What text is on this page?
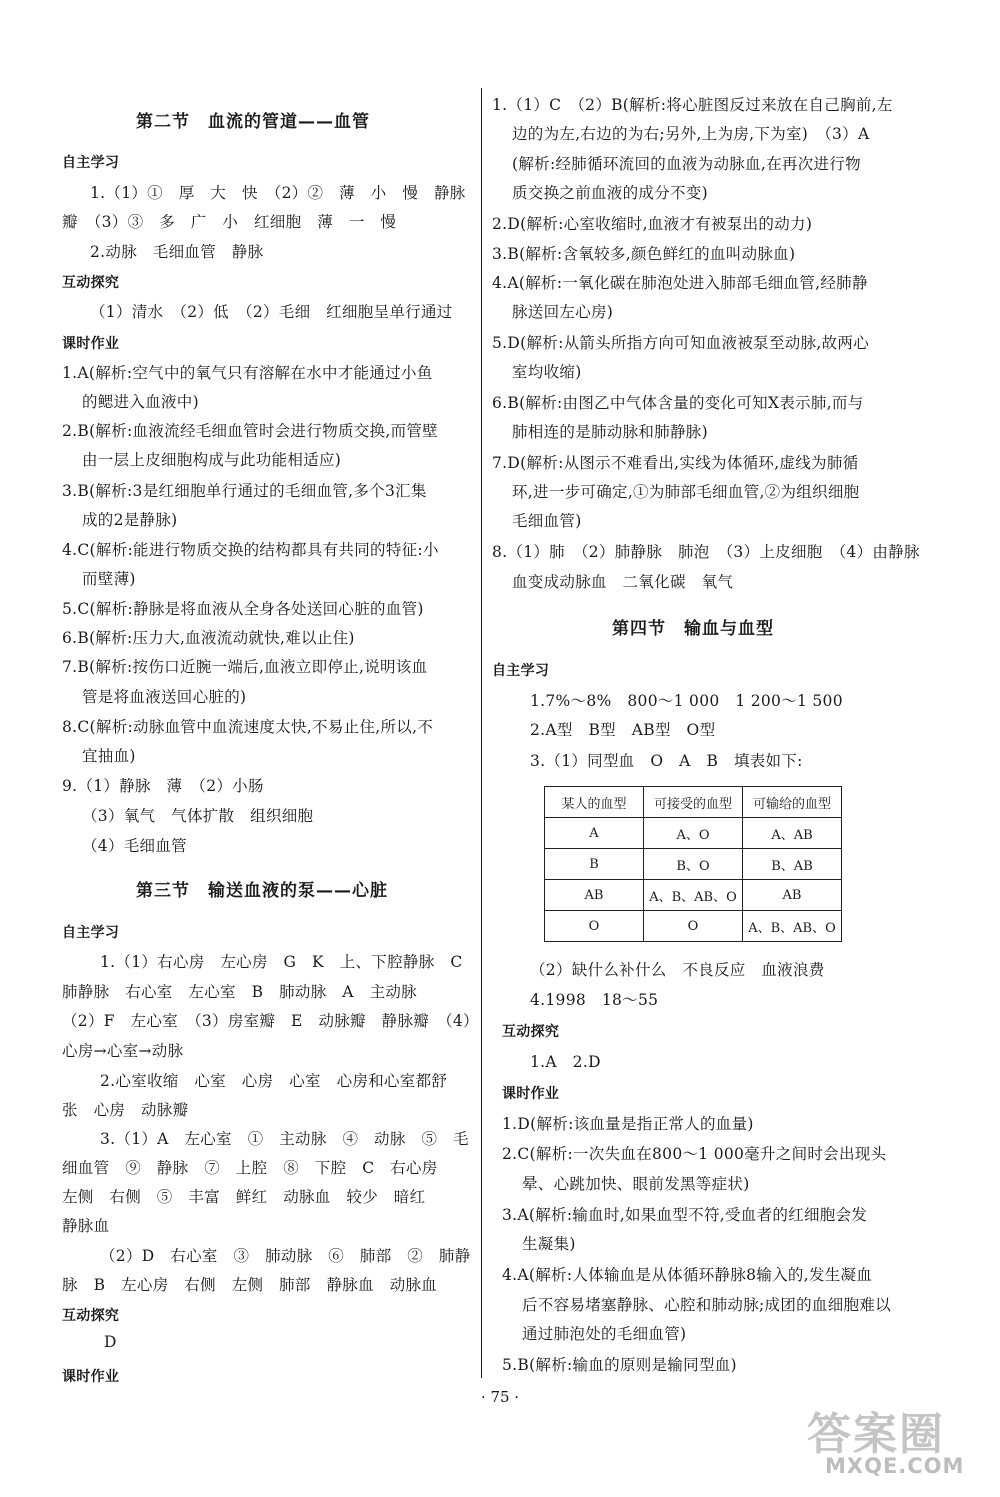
第二节　血流的管道——血管
自主学习
1.（1）①　厚　大　快　（2）②　薄　小　慢　静脉
瓣　（3）③　多　广　小　红细胞　薄　一　慢
2.动脉　毛细血管　静脉
互动探究
（1）清水　（2）低　（2）毛细　红细胞呈单行通过
课时作业
1.A(解析:空气中的氧气只有溶解在水中才能通过小鱼
的鳃进入血液中)
2.B(解析:血液流经毛细血管时会进行物质交换,而管壁
由一层上皮细胞构成与此功能相适应)
3.B(解析:3是红细胞单行通过的毛细血管,多个3汇集
成的2是静脉)
4.C(解析:能进行物质交换的结构都具有共同的特征:小
而壁薄)
5.C(解析:静脉是将血液从全身各处送回心脏的血管)
6.B(解析:压力大,血液流动就快,难以止住)
7.B(解析:按伤口近腕一端后,血液立即停止,说明该血
管是将血液送回心脏的)
8.C(解析:动脉血管中血流速度太快,不易止住,所以,不
宜抽血)
9.（1）静脉　薄　（2）小肠
（3）氧气　气体扩散　组织细胞
（4）毛细血管
第三节　输送血液的泵——心脏
自主学习
1.（1）右心房　左心房　G　K　上、下腔静脉　C
肺静脉　右心室　左心室　B　肺动脉　A　主动脉
（2）F　左心室　（3）房室瓣　E　动脉瓣　静脉瓣　（4）
心房→心室→动脉
2.心室收缩　心室　心房　心室　心房和心室都舒
张　心房　动脉瓣
3.（1）A　左心室　①　主动脉　④　动脉　⑤　毛
细血管　⑨　静脉　⑦　上腔　⑧　下腔　C　右心房
左侧　右侧　⑤　丰富　鲜红　动脉血　较少　暗红
静脉血
（2）D　右心室　③　肺动脉　⑥　肺部　②　肺静
脉　B　左心房　右侧　左侧　肺部　静脉血　动脉血
互动探究
D
课时作业
1.（1）C　（2）B(解析:将心脏图反过来放在自己胸前,左
边的为左,右边的为右;另外,上为房,下为室)　（3）A
(解析:经肺循环流回的血液为动脉血,在再次进行物
质交换之前血液的成分不变)
2.D(解析:心室收缩时,血液才有被泵出的动力)
3.B(解析:含氧较多,颜色鲜红的血叫动脉血)
4.A(解析:一氧化碳在肺泡处进入肺部毛细血管,经肺静
脉送回左心房)
5.D(解析:从箭头所指方向可知血液被泵至动脉,故两心
室均收缩)
6.B(解析:由图乙中气体含量的变化可知X表示肺,而与
肺相连的是肺动脉和肺静脉)
7.D(解析:从图示不难看出,实线为体循环,虚线为肺循
环,进一步可确定,①为肺部毛细血管,②为组织细胞
毛细血管)
8.（1）肺　（2）肺静脉　肺泡　（3）上皮细胞　（4）由静脉
血变成动脉血　二氧化碳　氧气
第四节　输血与血型
自主学习
1.7%～8%　800～1 000　1 200～1 500
2.A型　B型　AB型　O型
3.（1）同型血　O　A　B　填表如下:
某人的血型	可接受的血型	可输给的血型
A	A、O	A、AB
B	B、O	B、AB
AB	A、B、AB、O	AB
O	O	A、B、AB、O
（2）缺什么补什么　不良反应　血液浪费
4.1998　18～55
互动探究
1.A　2.D
课时作业
1.D(解析:该血量是指正常人的血量)
2.C(解析:一次失血在800～1 000毫升之间时会出现头
晕、心跳加快、眼前发黑等症状)
3.A(解析:输血时,如果血型不符,受血者的红细胞会发
生凝集)
4.A(解析:人体输血是从体循环静脉8输入的,发生凝血
后不容易堵塞静脉、心腔和肺动脉;成团的血细胞难以
通过肺泡处的毛细血管)
5.B(解析:输血的原则是输同型血)
· 75 ·
答案圈
MXQE.COM
